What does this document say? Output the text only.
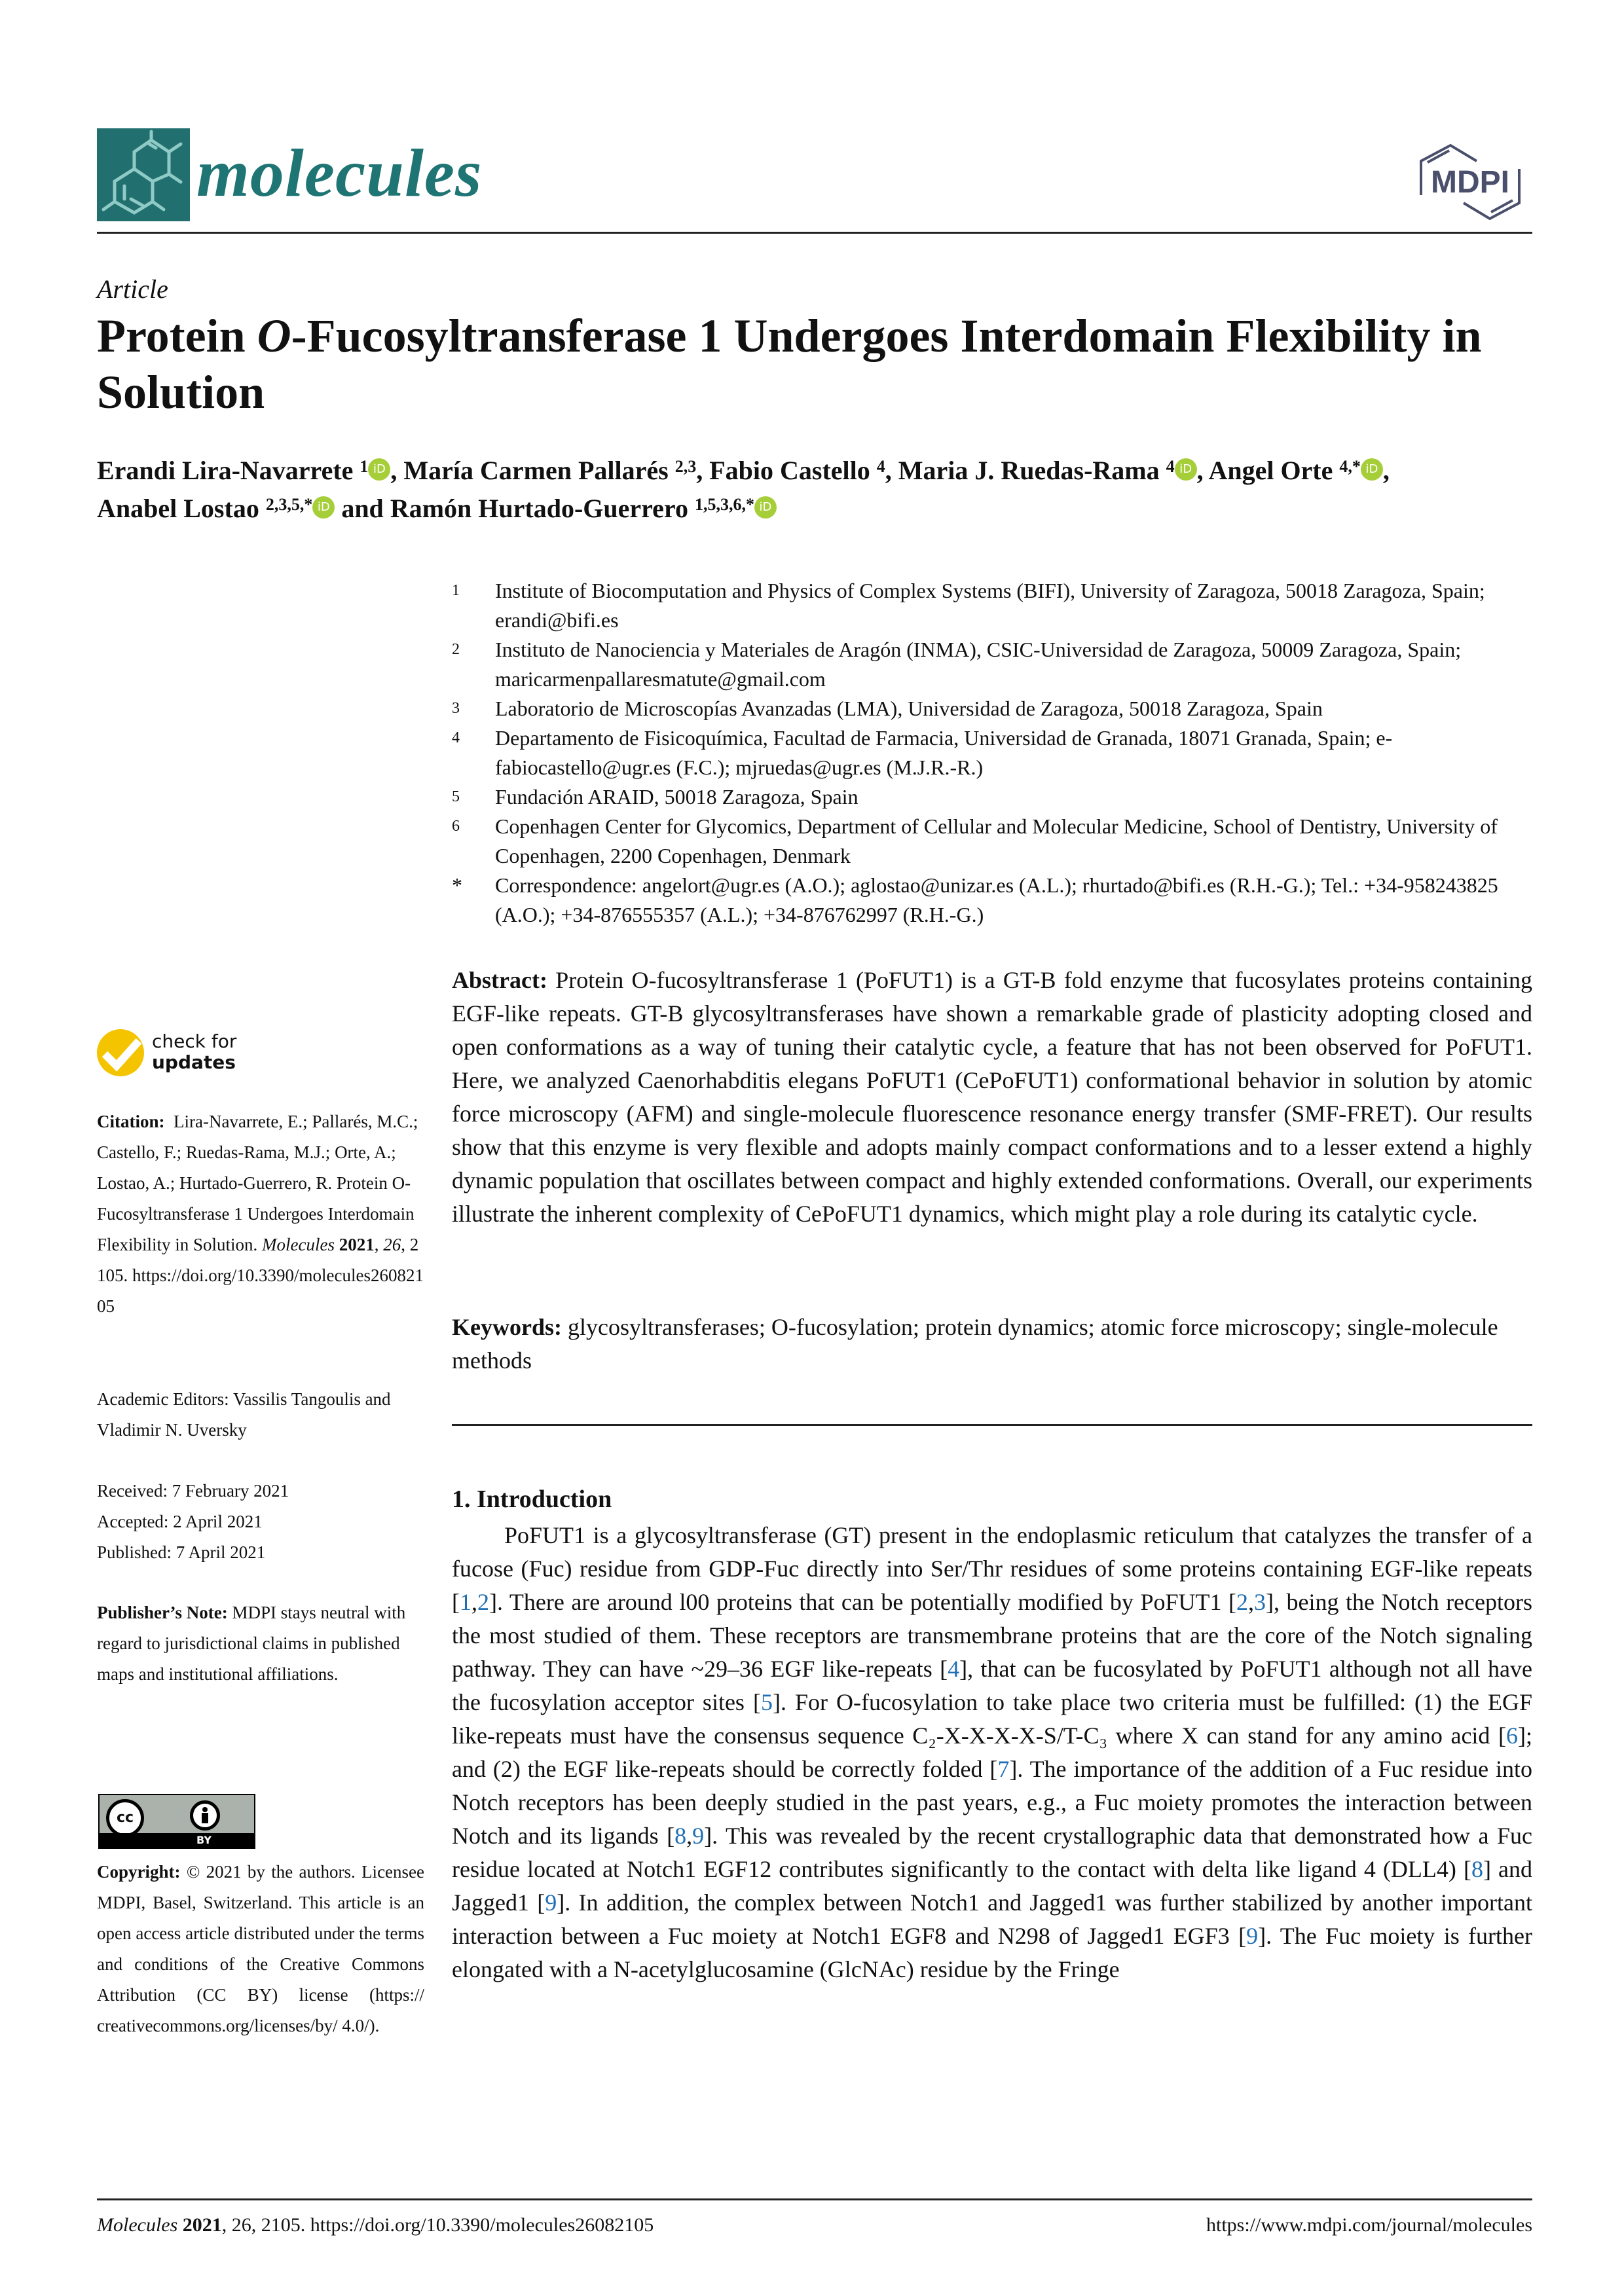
molecules	MDPI
Article
Protein O-Fucosyltransferase 1 Undergoes Interdomain Flexibility in Solution
Erandi Lira-Navarrete $^1$ iD , María Carmen Pallarés $^{2,3}$, Fabio Castello $^4$, Maria J. Ruedas-Rama $^4$ iD , Angel Orte $^{4,*}$ iD ,
Anabel Lostao $^{2,3,5,*}$ iD and Ramón Hurtado-Guerrero $^{1,5,3,6,*}$ iD
1	Institute of Biocomputation and Physics of Complex Systems (BIFI), University of Zaragoza, 50018 Zaragoza, Spain; erandi@bifi.es
2	Instituto de Nanociencia y Materiales de Aragón (INMA), CSIC-Universidad de Zaragoza, 50009 Zaragoza, Spain; maricarmenpallaresmatute@gmail.com
3	Laboratorio de Microscopías Avanzadas (LMA), Universidad de Zaragoza, 50018 Zaragoza, Spain
4	Departamento de Fisicoquímica, Facultad de Farmacia, Universidad de Granada, 18071 Granada, Spain; e-fabiocastello@ugr.es (F.C.); mjruedas@ugr.es (M.J.R.-R.)
5	Fundación ARAID, 50018 Zaragoza, Spain
6	Copenhagen Center for Glycomics, Department of Cellular and Molecular Medicine, School of Dentistry, University of Copenhagen, 2200 Copenhagen, Denmark
*	Correspondence: angelort@ugr.es (A.O.); aglostao@unizar.es (A.L.); rhurtado@bifi.es (R.H.-G.); Tel.: +34-958243825 (A.O.); +34-876555357 (A.L.); +34-876762997 (R.H.-G.)
check for
updates
Citation: Lira-Navarrete, E.; Pallarés, M.C.; Castello, F.; Ruedas-Rama, M.J.; Orte, A.; Lostao, A.; Hurtado-Guerrero, R. Protein O-Fucosyltransferase 1 Undergoes Interdomain Flexibility in Solution. Molecules 2021, 26, 2105. https://doi.org/10.3390/molecules26082105
Academic Editors: Vassilis Tangoulis and Vladimir N. Uversky
Received: 7 February 2021
Accepted: 2 April 2021
Published: 7 April 2021
Publisher’s Note: MDPI stays neutral with regard to jurisdictional claims in published maps and institutional affiliations.
cc
BY
Copyright: © 2021 by the authors. Licensee MDPI, Basel, Switzerland. This article is an open access article distributed under the terms and conditions of the Creative Commons Attribution (CC BY) license (https:// creativecommons.org/licenses/by/ 4.0/).
Abstract: Protein O-fucosyltransferase 1 (PoFUT1) is a GT-B fold enzyme that fucosylates proteins containing EGF-like repeats. GT-B glycosyltransferases have shown a remarkable grade of plasticity adopting closed and open conformations as a way of tuning their catalytic cycle, a feature that has not been observed for PoFUT1. Here, we analyzed Caenorhabditis elegans PoFUT1 (CePoFUT1) conformational behavior in solution by atomic force microscopy (AFM) and single-molecule fluorescence resonance energy transfer (SMF-FRET). Our results show that this enzyme is very flexible and adopts mainly compact conformations and to a lesser extend a highly dynamic population that oscillates between compact and highly extended conformations. Overall, our experiments illustrate the inherent complexity of CePoFUT1 dynamics, which might play a role during its catalytic cycle.
Keywords: glycosyltransferases; O-fucosylation; protein dynamics; atomic force microscopy; single-molecule methods
1. Introduction
PoFUT1 is a glycosyltransferase (GT) present in the endoplasmic reticulum that catalyzes the transfer of a fucose (Fuc) residue from GDP-Fuc directly into Ser/Thr residues of some proteins containing EGF-like repeats [1,2]. There are around l00 proteins that can be potentially modified by PoFUT1 [2,3], being the Notch receptors the most studied of them. These receptors are transmembrane proteins that are the core of the Notch signaling pathway. They can have ~29–36 EGF like-repeats [4], that can be fucosylated by PoFUT1 although not all have the fucosylation acceptor sites [5]. For O-fucosylation to take place two criteria must be fulfilled: (1) the EGF like-repeats must have the consensus sequence C₂-X-X-X-X-S/T-C₃ where X can stand for any amino acid [6]; and (2) the EGF like-repeats should be correctly folded [7]. The importance of the addition of a Fuc residue into Notch receptors has been deeply studied in the past years, e.g., a Fuc moiety promotes the interaction between Notch and its ligands [8,9]. This was revealed by the recent crystallographic data that demonstrated how a Fuc residue located at Notch1 EGF12 contributes significantly to the contact with delta like ligand 4 (DLL4) [8] and Jagged1 [9]. In addition, the complex between Notch1 and Jagged1 was further stabilized by another important interaction between a Fuc moiety at Notch1 EGF8 and N298 of Jagged1 EGF3 [9]. The Fuc moiety is further elongated with a N-acetylglucosamine (GlcNAc) residue by the Fringe
Molecules 2021, 26, 2105. https://doi.org/10.3390/molecules26082105	https://www.mdpi.com/journal/molecules
